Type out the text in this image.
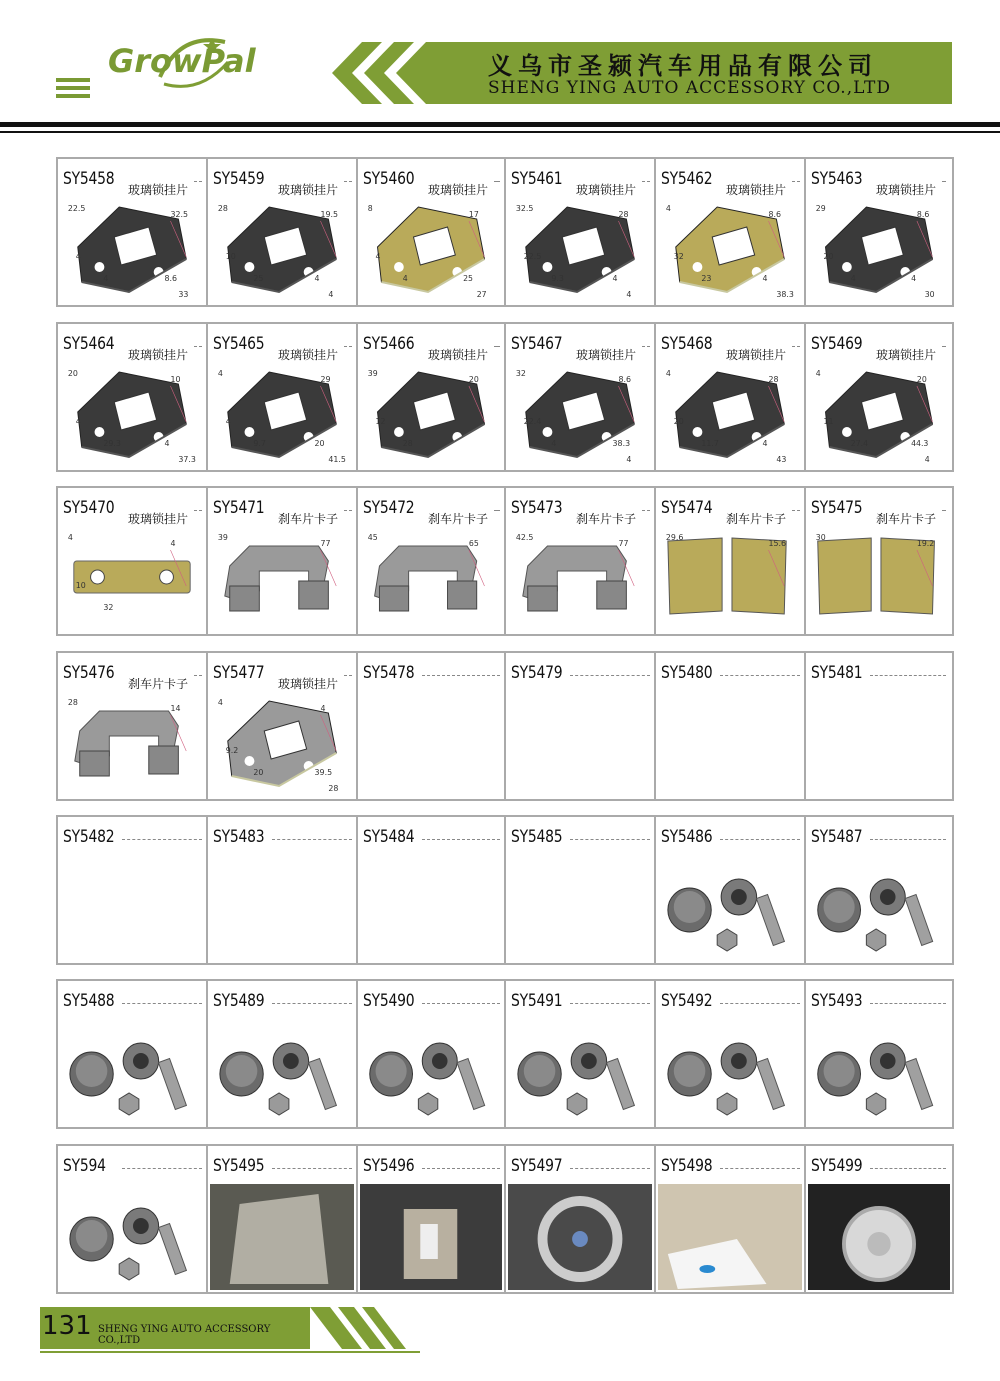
GrowPal	义乌市圣颍汽车用品有限公司
SHENG YING AUTO ACCESSORY CO.,LTD
SY5458
玻璃锁挂片
22.5
32.5
4
4	8.6
33
SY5459
玻璃锁挂片
28
19.5
10
25	4
4
SY5460
玻璃锁挂片
8
17
4
4	25
27
SY5461
玻璃锁挂片
32.5
28
22.5
9.3	4
4
SY5462
玻璃锁挂片
4
8.6
32
23	4
38.3
SY5463
玻璃锁挂片
29
8.6
20
4	4
30
SY5464
玻璃锁挂片
20
10
4
29.3	4
37.3
SY5465
玻璃锁挂片
4
29
4
9.7	20
41.5
SY5466
玻璃锁挂片
39
20
12
28
SY5467
玻璃锁挂片
32
8.6
22.4
4	38.3
4
SY5468
玻璃锁挂片
4
28
20
11.7	4
43
SY5469
玻璃锁挂片
4
20
11
27.4	44.3
4
SY5470
玻璃锁挂片
4
4
10
32
SY5471
刹车片卡子
39
77
SY5472
刹车片卡子
45
65
SY5473
刹车片卡子
42.5
77
SY5474
刹车片卡子
29.6
15.6
SY5475
刹车片卡子
30
19.2
SY5476
刹车片卡子
28
14
SY5477
玻璃锁挂片
4
4
9.2
20	39.5
28
SY5478	SY5479	SY5480	SY5481
SY5482	SY5483	SY5484	SY5485	SY5486	SY5487
SY5488	SY5489	SY5490	SY5491	SY5492	SY5493
SY594	SY5495	SY5496	SY5497	SY5498	SY5499
131 SHENG YING AUTO ACCESSORY CO.,LTD
